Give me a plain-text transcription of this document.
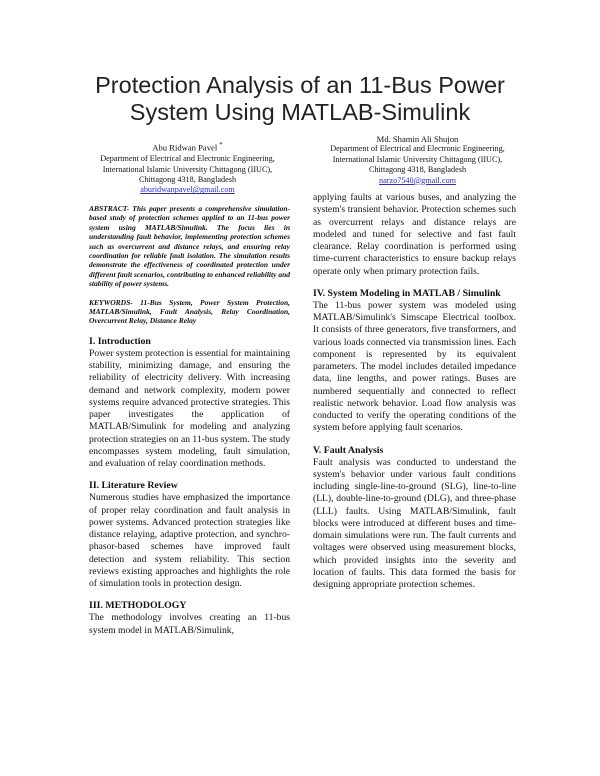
Protection Analysis of an 11-Bus Power System Using MATLAB-Simulink
Abu Ridwan Pavel *
Department of Electrical and Electronic Engineering,
International Islamic University Chittagong (IIUC),
Chittagong 4318, Bangladesh
aburidwanpavel@gmail.com
Md. Shamin Ali Shujon
Department of Electrical and Electronic Engineering,
International Islamic University Chittagong (IIUC),
Chittagong 4318, Bangladesh
narzo7540@gmail.com

ABSTRACT- This paper presents a comprehensive simulation-based study of protection schemes applied to an 11-bus power system using MATLAB/Simulink. The focus lies in understanding fault behavior, implementing protection schemes such as overcurrent and distance relays, and ensuring relay coordination for reliable fault isolation. The simulation results demonstrate the effectiveness of coordinated protection under different fault scenarios, contributing to enhanced reliability and stability of power systems.

KEYWORDS- 11-Bus System, Power System Protection, MATLAB/Simulink, Fault Analysis, Relay Coordination, Overcurrent Relay, Distance Relay

I. Introduction

Power system protection is essential for maintaining stability, minimizing damage, and ensuring the reliability of electricity delivery. With increasing demand and network complexity, modern power systems require advanced protective strategies. This paper investigates the application of MATLAB/Simulink for modeling and analyzing protection strategies on an 11-bus system. The study encompasses system modeling, fault simulation, and evaluation of relay coordination methods.

II. Literature Review

Numerous studies have emphasized the importance of proper relay coordination and fault analysis in power systems. Advanced protection strategies like distance relaying, adaptive protection, and synchro-phasor-based schemes have improved fault detection and system reliability. This section reviews existing approaches and highlights the role of simulation tools in protection design.

III. METHODOLOGY

The methodology involves creating an 11-bus system model in MATLAB/Simulink,

applying faults at various buses, and analyzing the system's transient behavior. Protection schemes such as overcurrent relays and distance relays are modeled and tuned for selective and fast fault clearance. Relay coordination is performed using time-current characteristics to ensure backup relays operate only when primary protection fails.

IV. System Modeling in MATLAB / Simulink

The 11-bus power system was modeled using MATLAB/Simulink's Simscape Electrical toolbox. It consists of three generators, five transformers, and various loads connected via transmission lines. Each component is represented by its equivalent parameters. The model includes detailed impedance data, line lengths, and power ratings. Buses are numbered sequentially and connected to reflect realistic network behavior. Load flow analysis was conducted to verify the operating conditions of the system before applying fault scenarios.

V. Fault Analysis

Fault analysis was conducted to understand the system's behavior under various fault conditions including single-line-to-ground (SLG), line-to-line (LL), double-line-to-ground (DLG), and three-phase (LLL) faults. Using MATLAB/Simulink, fault blocks were introduced at different buses and time-domain simulations were run. The fault currents and voltages were observed using measurement blocks, which provided insights into the severity and location of faults. This data formed the basis for designing appropriate protection schemes.
